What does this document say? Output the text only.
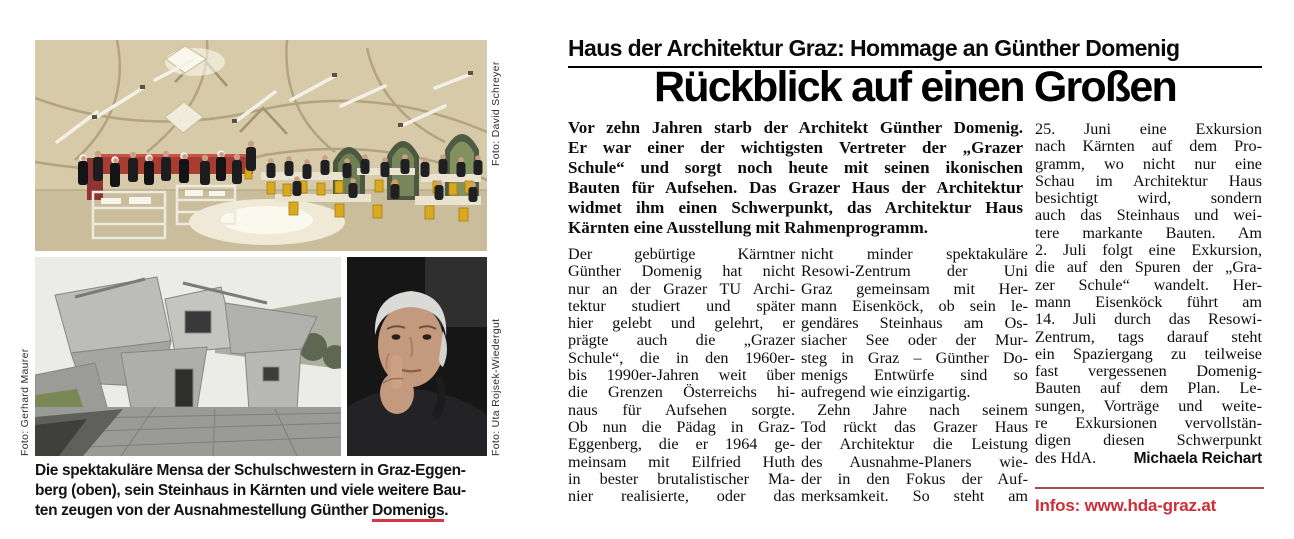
Foto: David Schreyer
Foto: Gerhard Maurer	Foto: Uta Rojsek-Wiedergut
Die spektakuläre Mensa der Schulschwestern in Graz-Eggen-
berg (oben), sein Steinhaus in Kärnten und viele weitere Bau-
ten zeugen von der Ausnahmestellung Günther Domenigs.
Haus der Architektur Graz: Hommage an Günther Domenig
Rückblick auf einen Großen
Vor zehn Jahren starb der Architekt Günther Domenig.
Er war einer der wichtigsten Vertreter der „Grazer
Schule“ und sorgt noch heute mit seinen ikonischen
Bauten für Aufsehen. Das Grazer Haus der Architektur
widmet ihm einen Schwerpunkt, das Architektur Haus
Kärnten eine Ausstellung mit Rahmenprogramm.
Der gebürtige Kärntner
Günther Domenig hat nicht
nur an der Grazer TU Archi-
tektur studiert und später
hier gelebt und gelehrt, er
prägte auch die „Grazer
Schule“, die in den 1960er-
bis 1990er-Jahren weit über
die Grenzen Österreichs hi-
naus für Aufsehen sorgte.
Ob nun die Pädag in Graz-
Eggenberg, die er 1964 ge-
meinsam mit Eilfried Huth
in bester brutalistischer Ma-
nier realisierte, oder das
nicht minder spektakuläre
Resowi-Zentrum der Uni
Graz gemeinsam mit Her-
mann Eisenköck, ob sein le-
gendäres Steinhaus am Os-
siacher See oder der Mur-
steg in Graz – Günther Do-
menigs Entwürfe sind so
aufregend wie einzigartig.
 Zehn Jahre nach seinem
Tod rückt das Grazer Haus
der Architektur die Leistung
des Ausnahme-Planers wie-
der in den Fokus der Auf-
merksamkeit. So steht am
25. Juni eine Exkursion
nach Kärnten auf dem Pro-
gramm, wo nicht nur eine
Schau im Architektur Haus
besichtigt wird, sondern
auch das Steinhaus und wei-
tere markante Bauten. Am
2. Juli folgt eine Exkursion,
die auf den Spuren der „Gra-
zer Schule“ wandelt. Her-
mann Eisenköck führt am
14. Juli durch das Resowi-
Zentrum, tags darauf steht
ein Spaziergang zu teilweise
fast vergessenen Domenig-
Bauten auf dem Plan. Le-
sungen, Vorträge und weite-
re Exkursionen vervollstän-
digen diesen Schwerpunkt
des HdA. Michaela Reichart
Infos: www.hda-graz.at
